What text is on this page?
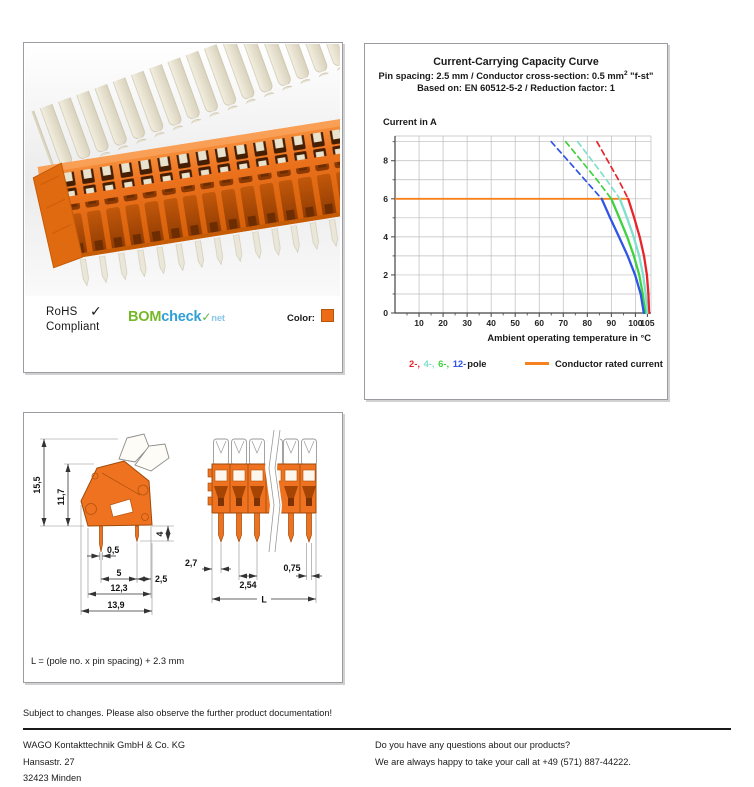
RoHS
Compliant
✓ BOMcheck✓net	Color:
Current-Carrying Capacity Curve
Pin spacing: 2.5 mm / Conductor cross-section: 0.5 $mm^2$ "f-st"
Based on: EN 60512-5-2 / Reduction factor: 1
Current in A
10 20 30 40 50 60 70 80 90 100
105
0
2
4
6
8
Ambient operating temperature in °C
2-, 4-, 6-, 12-pole	Conductor rated current
15,5
11,7
4
0,5
5
2,5
12,3
13,9
2,7
2,54
0,75
L
L = (pole no. x pin spacing) + 2.3 mm
Subject to changes. Please also observe the further product documentation!
WAGO Kontakttechnik GmbH & Co. KG
Hansastr. 27
32423 Minden
Do you have any questions about our products?
We are always happy to take your call at +49 (571) 887-44222.
